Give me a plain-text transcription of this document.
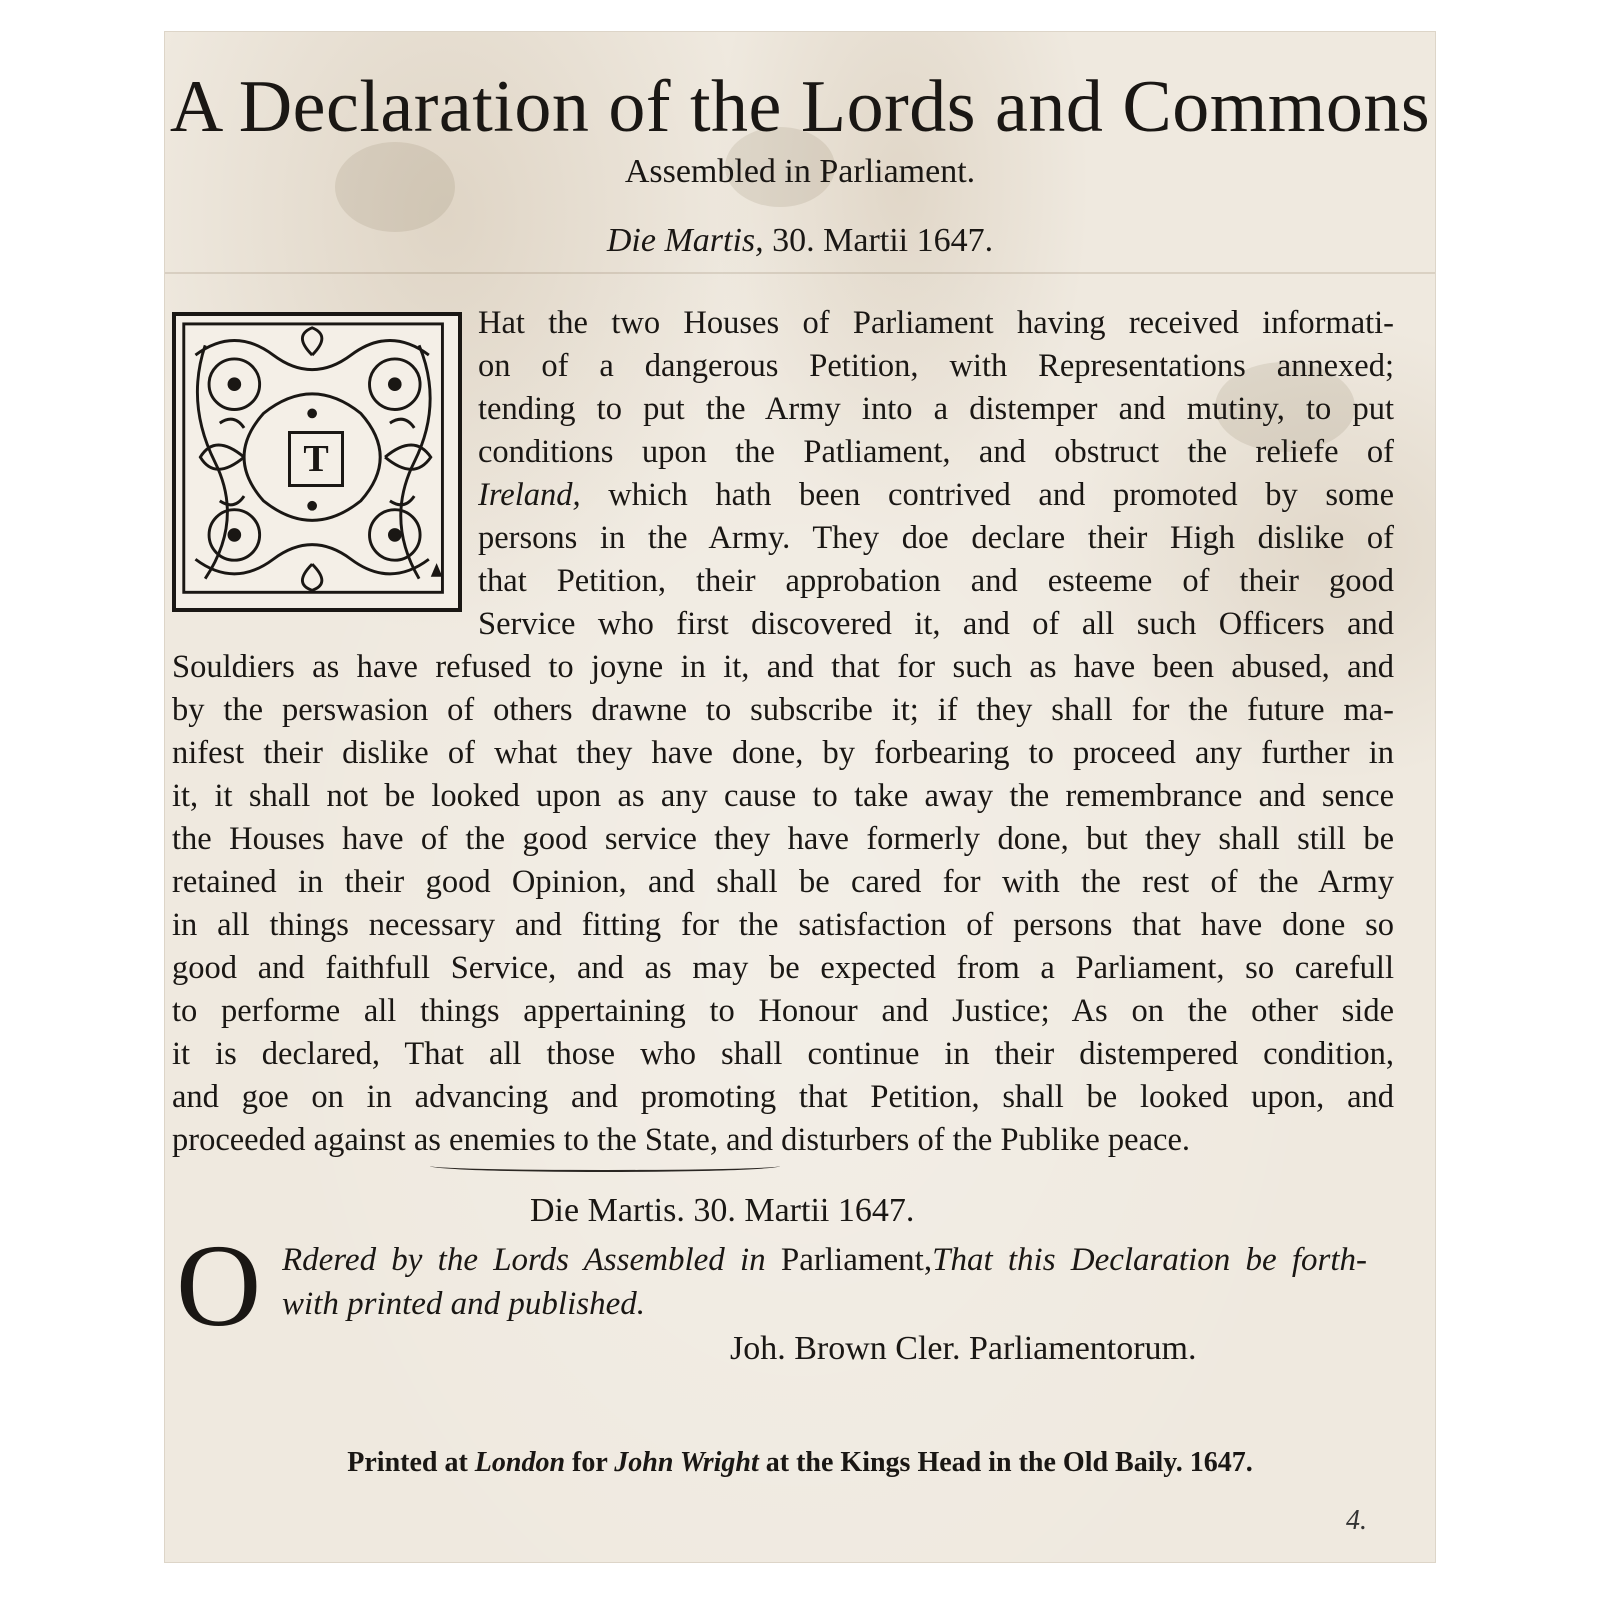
A Declaration of the Lords and Commons
Assembled in Parliament.
Die Martis, 30. Martii 1647.
T
Hat the two Houses of Parliament having received informati-
on of a dangerous Petition, with Representations annexed;
tending to put the Army into a distemper and mutiny, to put
conditions upon the Patliament, and obstruct the reliefe of
Ireland, which hath been contrived and promoted by some
persons in the Army. They doe declare their High dislike of
that Petition, their approbation and esteeme of their good
Service who first discovered it, and of all such Officers and
Souldiers as have refused to joyne in it, and that for such as have been abused, and
by the perswasion of others drawne to subscribe it; if they shall for the future ma-
nifest their dislike of what they have done, by forbearing to proceed any further in
it, it shall not be looked upon as any cause to take away the remembrance and sence
the Houses have of the good service they have formerly done, but they shall still be
retained in their good Opinion, and shall be cared for with the rest of the Army
in all things necessary and fitting for the satisfaction of persons that have done so
good and faithfull Service, and as may be expected from a Parliament, so carefull
to performe all things appertaining to Honour and Justice; As on the other side
it is declared, That all those who shall continue in their distempered condition,
and goe on in advancing and promoting that Petition, shall be looked upon, and
proceeded against as enemies to the State, and disturbers of the Publike peace.
Die Martis. 30. Martii 1647.
O Rdered by the Lords Assembled in Parliament,That this Declaration be forth-
with printed and published.
Joh. Brown Cler. Parliamentorum.
Printed at London for John Wright at the Kings Head in the Old Baily. 1647.
4.
